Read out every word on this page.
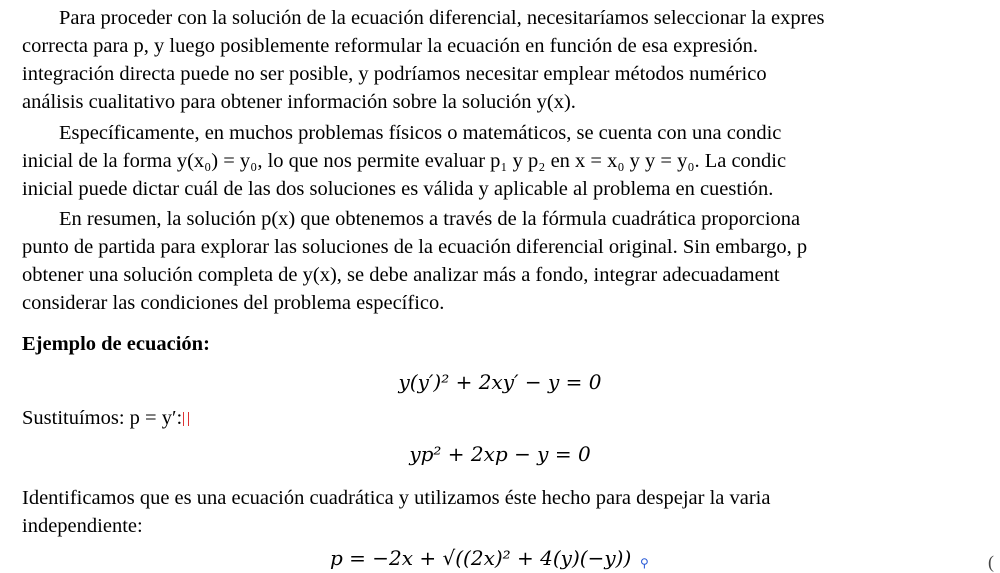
Para proceder con la solución de la ecuación diferencial, necesitaríamos seleccionar la expres
correcta para p, y luego posiblemente reformular la ecuación en función de esa expresión.
integración directa puede no ser posible, y podríamos necesitar emplear métodos numérico
análisis cualitativo para obtener información sobre la solución y(x).
Específicamente, en muchos problemas físicos o matemáticos, se cuenta con una condic
inicial de la forma y(x₀) = y₀, lo que nos permite evaluar p₁ y p₂ en x = x₀ y y = y₀. La condic
inicial puede dictar cuál de las dos soluciones es válida y aplicable al problema en cuestión.
En resumen, la solución p(x) que obtenemos a través de la fórmula cuadrática proporciona
punto de partida para explorar las soluciones de la ecuación diferencial original. Sin embargo, p
obtener una solución completa de y(x), se debe analizar más a fondo, integrar adecuadament
considerar las condiciones del problema específico.
Ejemplo de ecuación:
y(y′)² + 2xy′ − y = 0
Sustituímos: p = y′:
yp² + 2xp − y = 0
Identificamos que es una ecuación cuadrática y utilizamos éste hecho para despejar la varia
independiente:
p = −2x + √((2x)² + 4(y)(−y)) ⚲	(
